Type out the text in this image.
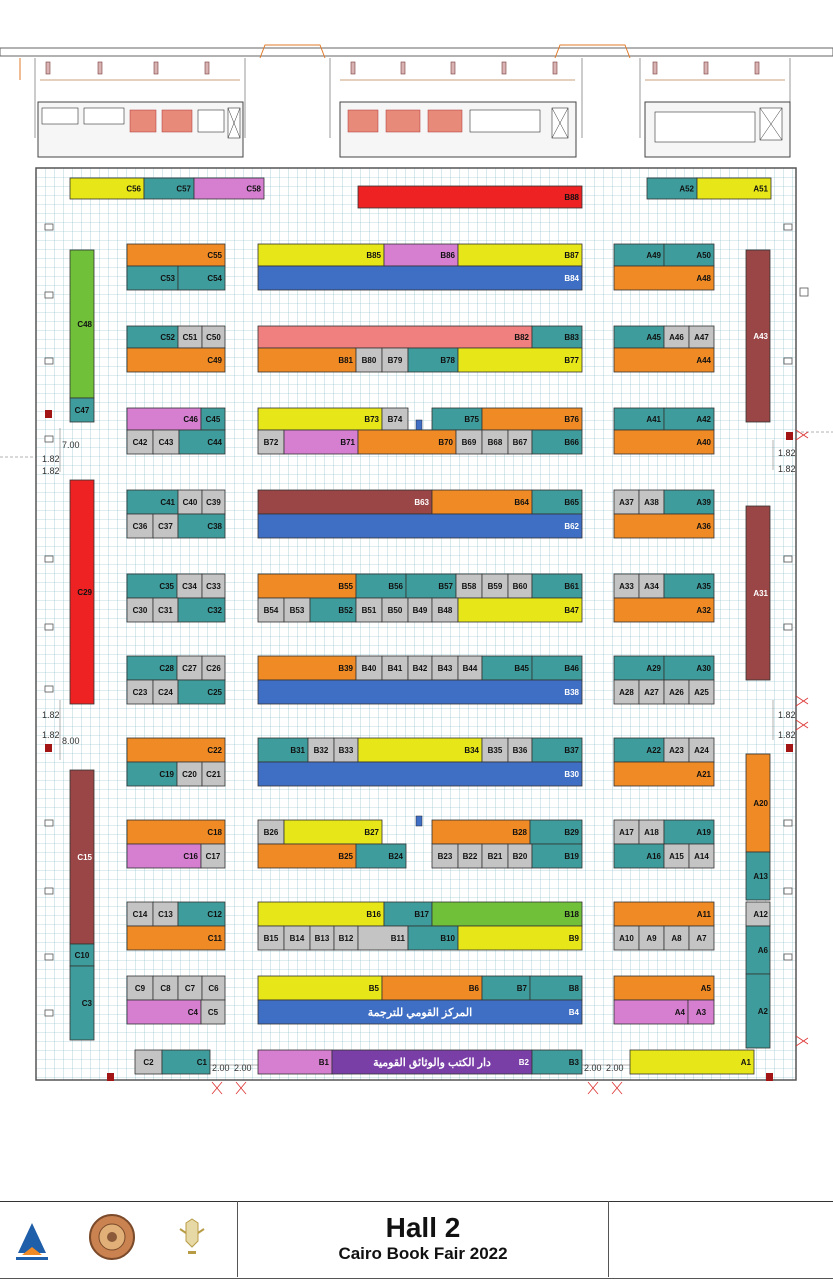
7.00
1.82
1.82
8.00
1.82
1.82
1.82
1.82
1.82
1.82
2.00 2.00	2.00 2.00
C56	C57	C58
B88
A52	A51
C55
C53	C54
B85	B86	B87
B84
A49	A50
A48
C52 C51 C50
C49
B82	B83
B81 B80 B79	B78	B77
A45 A46 A47
A44
C48
A43
C47
C46 C45
C42 C43	C44
B73 B74	B75	B76
B72	B71	B70 B69 B68 B67	B66
A41	A42
A40
C41 C40 C39
C36 C37	C38
B63	B64	B65
B62
A37 A38	A39
A36
C29	A31
C35 C34 C33
C30 C31	C32
B55	B56	B57 B58 B59 B60	B61
B54 B53	B52 B51 B50 B49 B48	B47
A33 A34	A35
A32
C28 C27 C26
C23 C24	C25
B39 B40 B41 B42 B43 B44	B45	B46
B38
A29	A30
A28 A27 A26 A25
C22
C19 C20 C21
B31 B32 B33	B34 B35 B36	B37
B30
A22 A23 A24
A21
C18
C16 C17
B26	B27	B28	B29
B25	B24	B23 B22 B21 B20	B19
A17 A18	A19
A16 A15 A14
A20
A13
C15
C14 C13	C12
C11
B16	B17	B18
B15 B14 B13 B12	B11	B10	B9
A11
A10 A9 A8 A7
A12
A6
C10
C3
C9 C8 C7 C6
C4 C5
B5	B6	B7	B8
B4
المركز القومي للترجمة
A5
A4 A3	A2
C2	C1	B1	B2
دار الكتب والوثائق القومية	B3	A1
Hall 2
Cairo Book Fair 2022
